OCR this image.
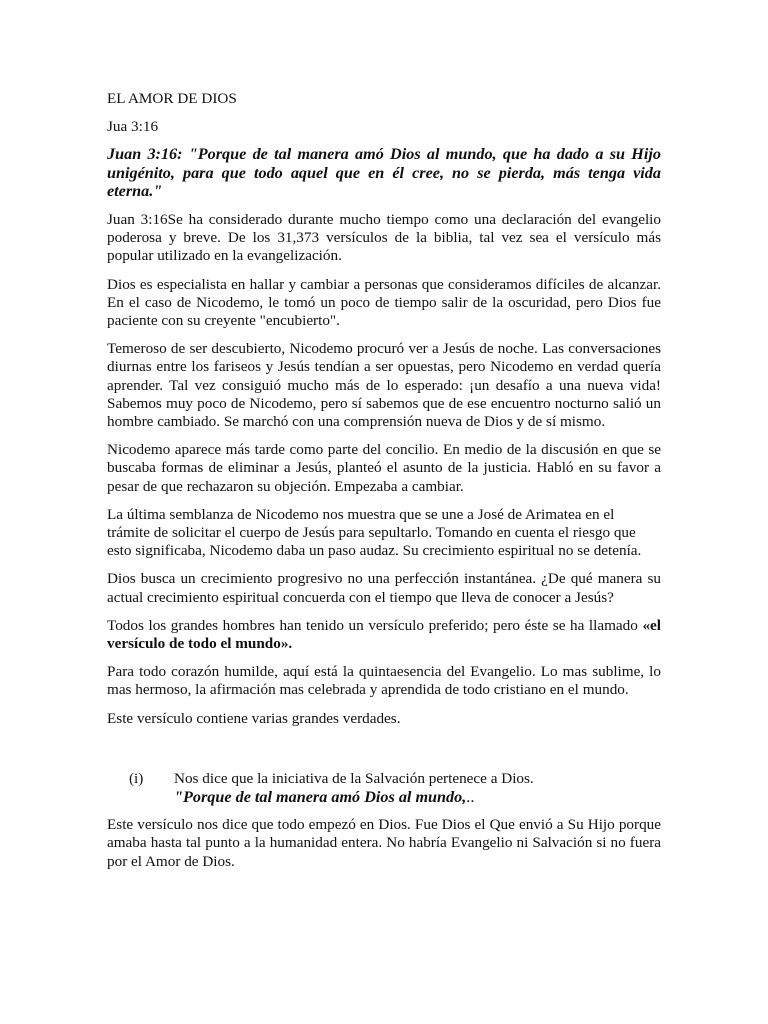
EL AMOR DE DIOS

Jua 3:16

Juan 3:16: "Porque de tal manera amó Dios al mundo, que ha dado a su Hijo unigénito, para que todo aquel que en él cree, no se pierda, más tenga vida eterna."

Juan 3:16Se ha considerado durante mucho tiempo como una declaración del evangelio poderosa y breve. De los 31,373 versículos de la biblia, tal vez sea el versículo más popular utilizado en la evangelización.

Dios es especialista en hallar y cambiar a personas que consideramos difíciles de alcanzar. En el caso de Nicodemo, le tomó un poco de tiempo salir de la oscuridad, pero Dios fue paciente con su creyente "encubierto".

Temeroso de ser descubierto, Nicodemo procuró ver a Jesús de noche. Las conversaciones diurnas entre los fariseos y Jesús tendían a ser opuestas, pero Nicodemo en verdad quería aprender. Tal vez consiguió mucho más de lo esperado: ¡un desafío a una nueva vida! Sabemos muy poco de Nicodemo, pero sí sabemos que de ese encuentro nocturno salió un hombre cambiado. Se marchó con una comprensión nueva de Dios y de sí mismo.

Nicodemo aparece más tarde como parte del concilio. En medio de la discusión en que se buscaba formas de eliminar a Jesús, planteó el asunto de la justicia. Habló en su favor a pesar de que rechazaron su objeción. Empezaba a cambiar.

La última semblanza de Nicodemo nos muestra que se une a José de Arimatea en el trámite de solicitar el cuerpo de Jesús para sepultarlo. Tomando en cuenta el riesgo que esto significaba, Nicodemo daba un paso audaz. Su crecimiento espiritual no se detenía.

Dios busca un crecimiento progresivo no una perfección instantánea. ¿De qué manera su actual crecimiento espiritual concuerda con el tiempo que lleva de conocer a Jesús?

Todos los grandes hombres han tenido un versículo preferido; pero éste se ha llamado «el versículo de todo el mundo».

Para todo corazón humilde, aquí está la quintaesencia del Evangelio. Lo mas sublime, lo mas hermoso, la afirmación mas celebrada y aprendida de todo cristiano en el mundo.

Este versículo contiene varias grandes verdades.

(i) Nos dice que la iniciativa de la Salvación pertenece a Dios.
"Porque de tal manera amó Dios al mundo,..

Este versículo nos dice que todo empezó en Dios. Fue Dios el Que envió a Su Hijo porque amaba hasta tal punto a la humanidad entera. No habría Evangelio ni Salvación si no fuera por el Amor de Dios.
